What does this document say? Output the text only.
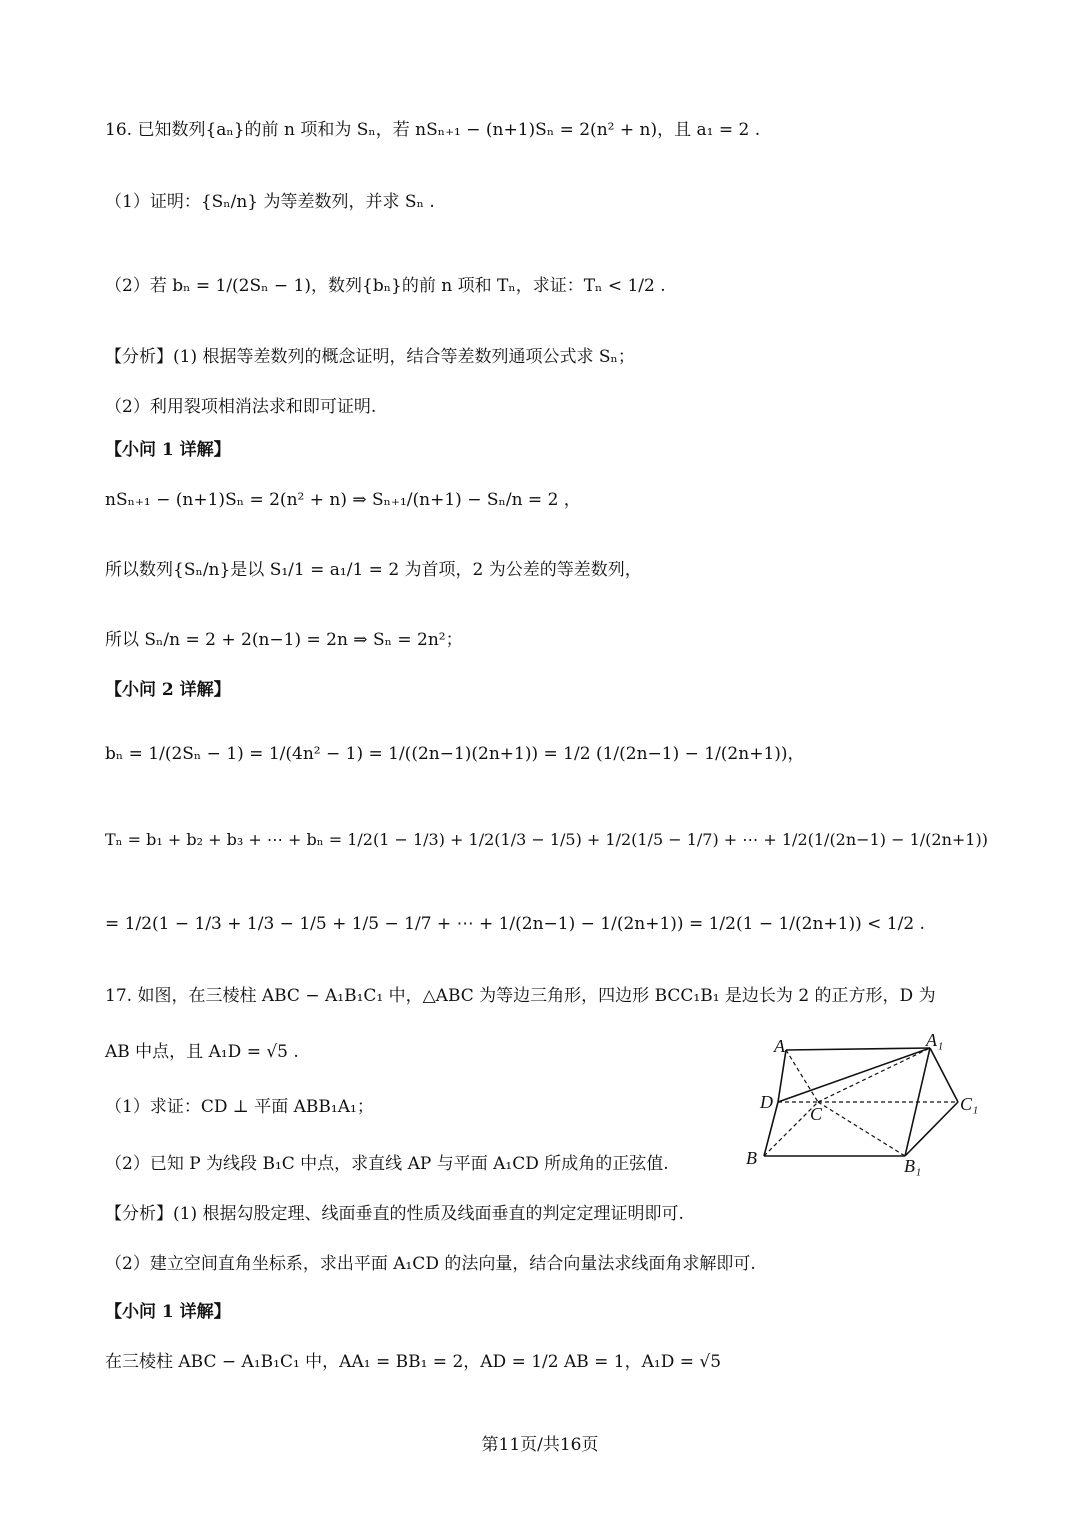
16. 已知数列{aₙ}的前 n 项和为 Sₙ，若 nSₙ₊₁ − (n+1)Sₙ = 2(n² + n)，且 a₁ = 2 .
（1）证明：{Sₙ/n} 为等差数列，并求 Sₙ .
（2）若 bₙ = 1/(2Sₙ − 1)，数列{bₙ}的前 n 项和 Tₙ，求证：Tₙ < 1/2 .
【分析】(1) 根据等差数列的概念证明，结合等差数列通项公式求 Sₙ；
（2）利用裂项相消法求和即可证明.
【小问 1 详解】
nSₙ₊₁ − (n+1)Sₙ = 2(n² + n) ⇒ Sₙ₊₁/(n+1) − Sₙ/n = 2 ，
所以数列{Sₙ/n}是以 S₁/1 = a₁/1 = 2 为首项，2 为公差的等差数列，
所以 Sₙ/n = 2 + 2(n−1) = 2n ⇒ Sₙ = 2n²；
【小问 2 详解】
bₙ = 1/(2Sₙ − 1) = 1/(4n² − 1) = 1/((2n−1)(2n+1)) = 1/2 (1/(2n−1) − 1/(2n+1))，
Tₙ = b₁ + b₂ + b₃ + ⋯ + bₙ = 1/2(1 − 1/3) + 1/2(1/3 − 1/5) + 1/2(1/5 − 1/7) + ⋯ + 1/2(1/(2n−1) − 1/(2n+1))
= 1/2(1 − 1/3 + 1/3 − 1/5 + 1/5 − 1/7 + ⋯ + 1/(2n−1) − 1/(2n+1)) = 1/2(1 − 1/(2n+1)) < 1/2 .
17. 如图，在三棱柱 ABC − A₁B₁C₁ 中，△ABC 为等边三角形，四边形 BCC₁B₁ 是边长为 2 的正方形，D 为
AB 中点，且 A₁D = √5 .
（1）求证：CD ⊥ 平面 ABB₁A₁；
（2）已知 P 为线段 B₁C 中点，求直线 AP 与平面 A₁CD 所成角的正弦值.
【分析】(1) 根据勾股定理、线面垂直的性质及线面垂直的判定定理证明即可.
（2）建立空间直角坐标系，求出平面 A₁CD 的法向量，结合向量法求线面角求解即可.
【小问 1 详解】
在三棱柱 ABC − A₁B₁C₁ 中，AA₁ = BB₁ = 2，AD = 1/2 AB = 1，A₁D = √5
A	A₁
D
C	C₁
B	B₁
第11页/共16页
